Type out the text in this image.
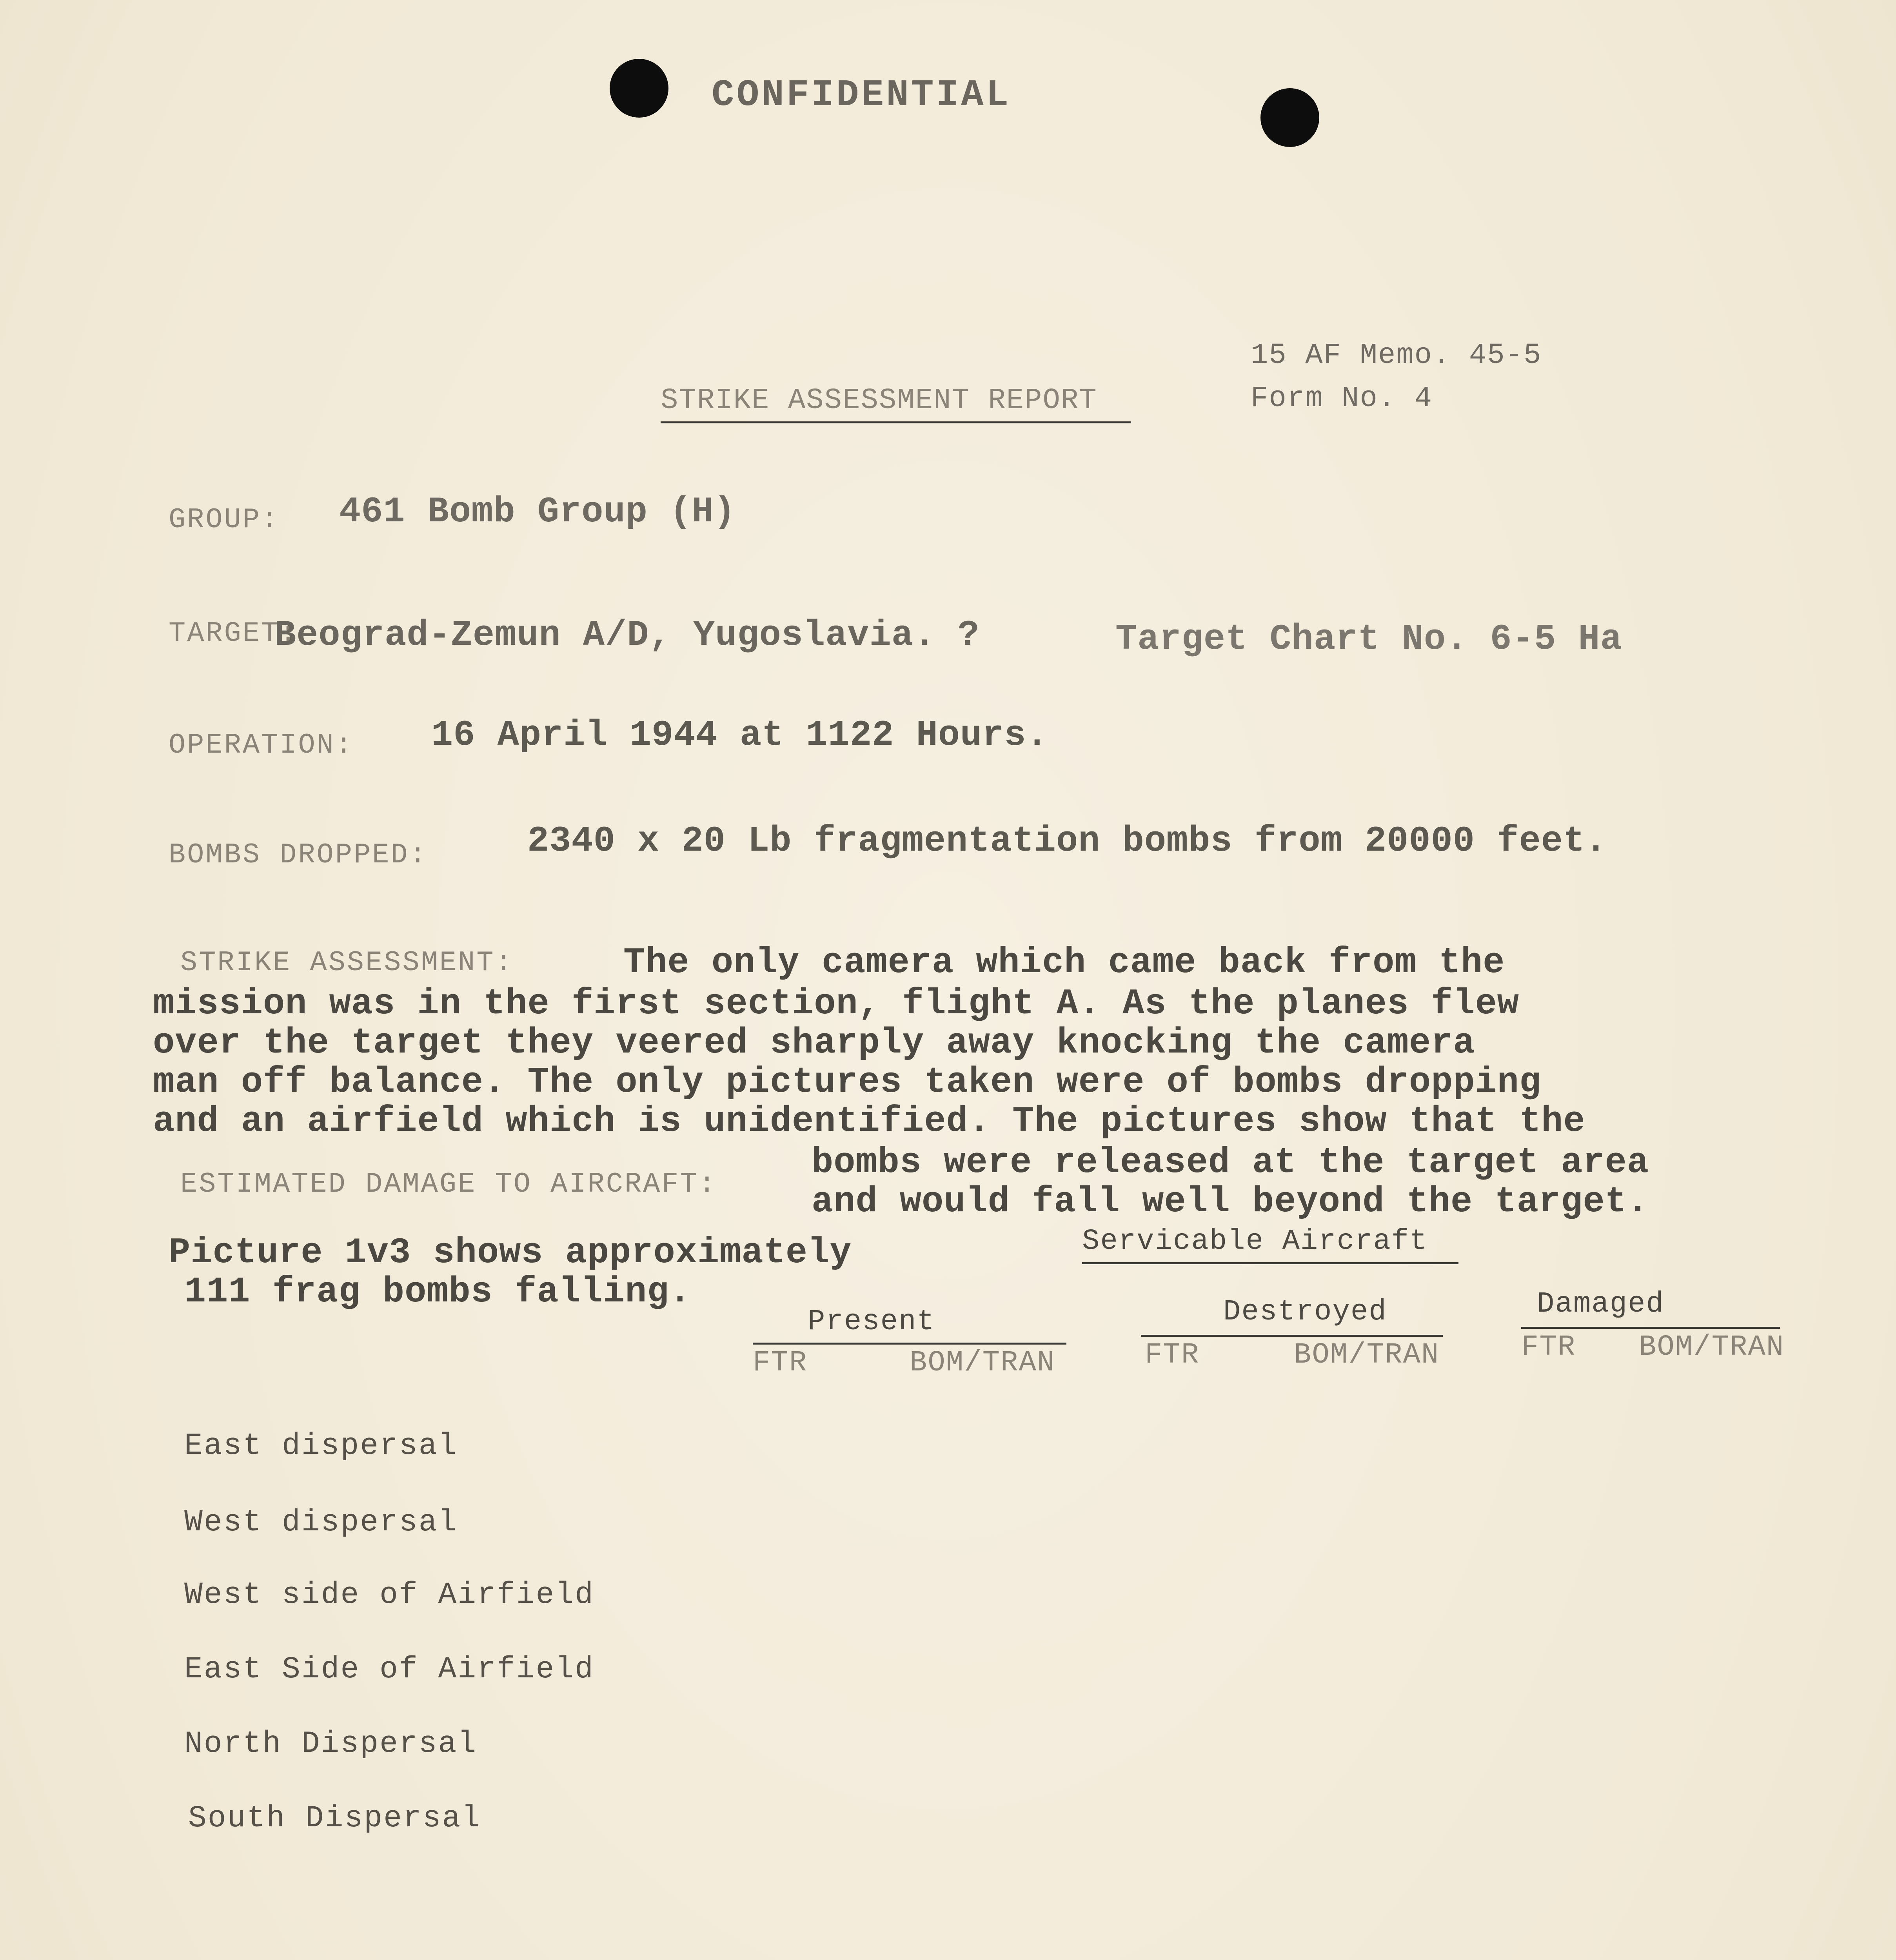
CONFIDENTIAL
15 AF Memo. 45-5
Form No. 4
STRIKE ASSESSMENT REPORT
GROUP: 461 Bomb Group (H)
TARGET:
Beograd-Zemun A/D, Yugoslavia. ?	Target Chart No. 6-5 Ha
OPERATION: 16 April 1944 at 1122 Hours.
BOMBS DROPPED:	2340 x 20 Lb fragmentation bombs from 20000 feet.
STRIKE ASSESSMENT:	The only camera which came back from the
mission was in the first section, flight A. As the planes flew
over the target they veered sharply away knocking the camera
man off balance. The only pictures taken were of bombs dropping
and an airfield which is unidentified. The pictures show that the
ESTIMATED DAMAGE TO AIRCRAFT:
bombs were released at the target area
and would fall well beyond the target.
Picture 1v3 shows approximately
111 frag bombs falling.
Servicable Aircraft
Present
FTR	BOM/TRAN
Destroyed
FTR	BOM/TRAN
Damaged
FTR BOM/TRAN
East dispersal
West dispersal
West side of Airfield
East Side of Airfield
North Dispersal
South Dispersal
